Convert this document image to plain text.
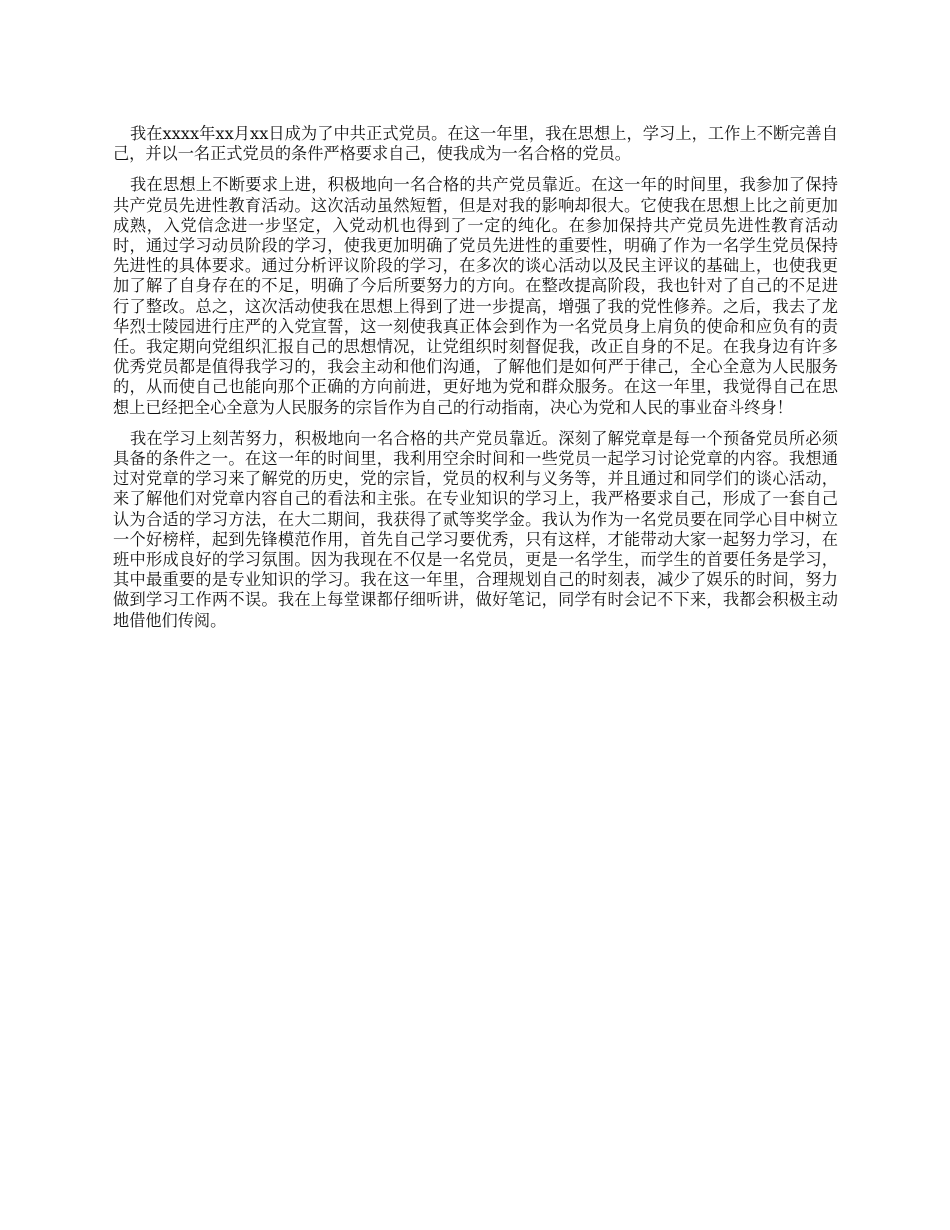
我在xxxx年xx月xx日成为了中共正式党员。在这一年里，我在思想上，学习上，工作上不断完善自己，并以一名正式党员的条件严格要求自己，使我成为一名合格的党员。

我在思想上不断要求上进，积极地向一名合格的共产党员靠近。在这一年的时间里，我参加了保持共产党员先进性教育活动。这次活动虽然短暂，但是对我的影响却很大。它使我在思想上比之前更加成熟，入党信念进一步坚定，入党动机也得到了一定的纯化。在参加保持共产党员先进性教育活动时，通过学习动员阶段的学习，使我更加明确了党员先进性的重要性，明确了作为一名学生党员保持先进性的具体要求。通过分析评议阶段的学习，在多次的谈心活动以及民主评议的基础上，也使我更加了解了自身存在的不足，明确了今后所要努力的方向。在整改提高阶段，我也针对了自己的不足进行了整改。总之，这次活动使我在思想上得到了进一步提高，增强了我的党性修养。之后，我去了龙华烈士陵园进行庄严的入党宣誓，这一刻使我真正体会到作为一名党员身上肩负的使命和应负有的责任。我定期向党组织汇报自己的思想情况，让党组织时刻督促我，改正自身的不足。在我身边有许多优秀党员都是值得我学习的，我会主动和他们沟通，了解他们是如何严于律己，全心全意为人民服务的，从而使自己也能向那个正确的方向前进，更好地为党和群众服务。在这一年里，我觉得自己在思想上已经把全心全意为人民服务的宗旨作为自己的行动指南，决心为党和人民的事业奋斗终身！

我在学习上刻苦努力，积极地向一名合格的共产党员靠近。深刻了解党章是每一个预备党员所必须具备的条件之一。在这一年的时间里，我利用空余时间和一些党员一起学习讨论党章的内容。我想通过对党章的学习来了解党的历史，党的宗旨，党员的权利与义务等，并且通过和同学们的谈心活动，来了解他们对党章内容自己的看法和主张。在专业知识的学习上，我严格要求自己，形成了一套自己认为合适的学习方法，在大二期间，我获得了贰等奖学金。我认为作为一名党员要在同学心目中树立一个好榜样，起到先锋模范作用，首先自己学习要优秀，只有这样，才能带动大家一起努力学习，在班中形成良好的学习氛围。因为我现在不仅是一名党员，更是一名学生，而学生的首要任务是学习，其中最重要的是专业知识的学习。我在这一年里，合理规划自己的时刻表，减少了娱乐的时间，努力做到学习工作两不误。我在上每堂课都仔细听讲，做好笔记，同学有时会记不下来，我都会积极主动地借他们传阅。
